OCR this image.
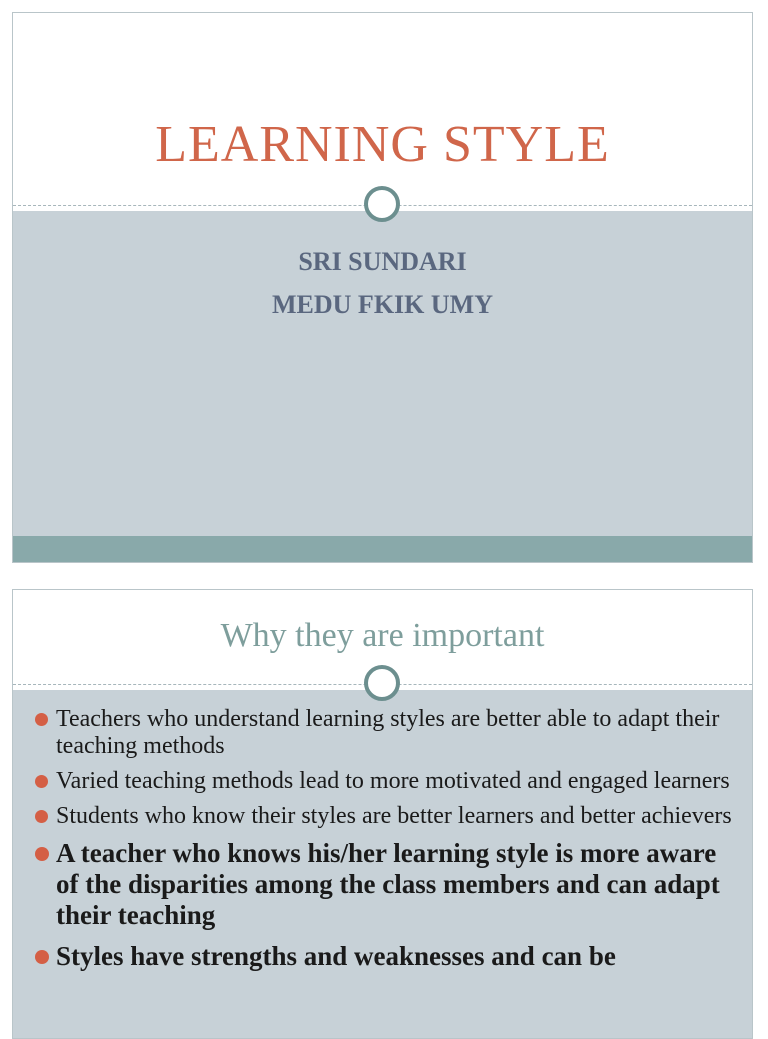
LEARNING STYLE
SRI SUNDARI
MEDU FKIK UMY
Why they are important
Teachers who understand learning styles are better able to adapt their teaching methods
Varied teaching methods lead to more motivated and engaged learners
Students who know their styles are better learners and better achievers
A teacher who knows his/her learning style is more aware of the disparities among the class members and can adapt their teaching
Styles have strengths and weaknesses and can be
